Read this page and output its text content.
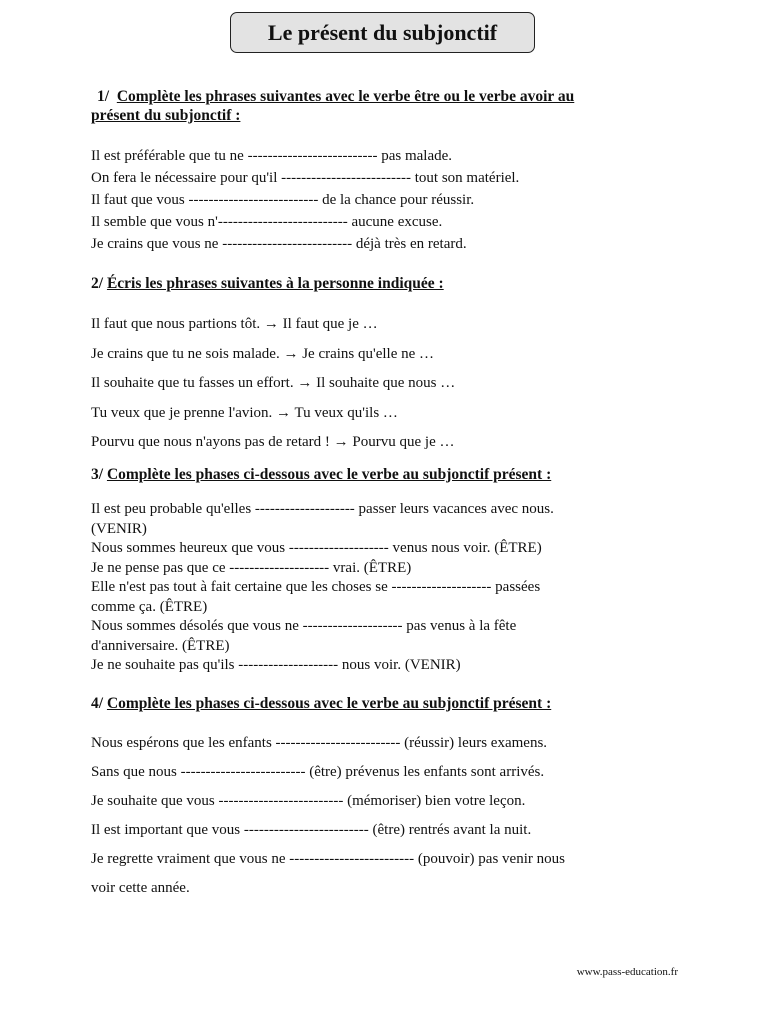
Le présent du subjonctif

1/ Complète les phrases suivantes avec le verbe être ou le verbe avoir au
présent du subjonctif :

Il est préférable que tu ne -------------------------- pas malade.

On fera le nécessaire pour qu'il -------------------------- tout son matériel.

Il faut que vous -------------------------- de la chance pour réussir.

Il semble que vous n'-------------------------- aucune excuse.

Je crains que vous ne -------------------------- déjà très en retard.

2/ Écris les phrases suivantes à la personne indiquée :

Il faut que nous partions tôt. → Il faut que je …

Je crains que tu ne sois malade. → Je crains qu'elle ne …

Il souhaite que tu fasses un effort. → Il souhaite que nous …

Tu veux que je prenne l'avion. → Tu veux qu'ils …

Pourvu que nous n'ayons pas de retard ! → Pourvu que je …

3/ Complète les phases ci-dessous avec le verbe au subjonctif présent :

Il est peu probable qu'elles -------------------- passer leurs vacances avec nous.

(VENIR)

Nous sommes heureux que vous -------------------- venus nous voir. (ÊTRE)

Je ne pense pas que ce -------------------- vrai. (ÊTRE)

Elle n'est pas tout à fait certaine que les choses se -------------------- passées

comme ça. (ÊTRE)

Nous sommes désolés que vous ne -------------------- pas venus à la fête

d'anniversaire. (ÊTRE)

Je ne souhaite pas qu'ils -------------------- nous voir. (VENIR)

4/ Complète les phases ci-dessous avec le verbe au subjonctif présent :

Nous espérons que les enfants ------------------------- (réussir) leurs examens.

Sans que nous ------------------------- (être) prévenus les enfants sont arrivés.

Je souhaite que vous ------------------------- (mémoriser) bien votre leçon.

Il est important que vous ------------------------- (être) rentrés avant la nuit.

Je regrette vraiment que vous ne ------------------------- (pouvoir) pas venir nous

voir cette année.

www.pass-education.fr
